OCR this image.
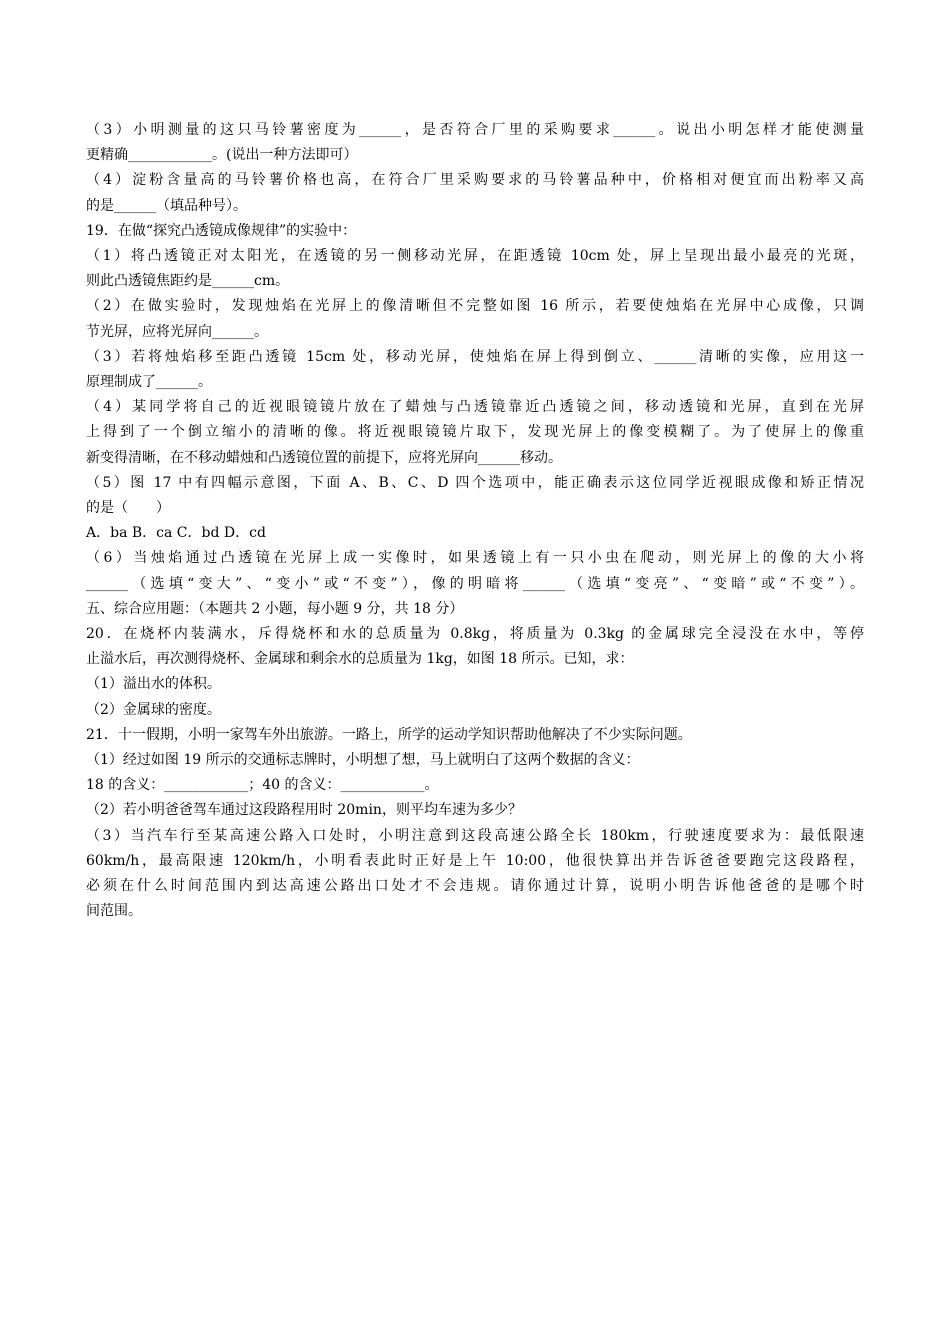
（3）小明测量的这只马铃薯密度为______，是否符合厂里的采购要求______。说出小明怎样才能使测量
更精确____________。(说出一种方法即可）
（4）淀粉含量高的马铃薯价格也高，在符合厂里采购要求的马铃薯品种中，价格相对便宜而出粉率又高
的是______（填品种号）。
19．在做“探究凸透镜成像规律”的实验中：
（1）将凸透镜正对太阳光，在透镜的另一侧移动光屏，在距透镜 10cm 处，屏上呈现出最小最亮的光斑，
则此凸透镜焦距约是______cm。
（2）在做实验时，发现烛焰在光屏上的像清晰但不完整如图 16 所示，若要使烛焰在光屏中心成像，只调
节光屏，应将光屏向______。
（3）若将烛焰移至距凸透镜 15cm 处，移动光屏，使烛焰在屏上得到倒立、______清晰的实像，应用这一
原理制成了______。
（4）某同学将自己的近视眼镜镜片放在了蜡烛与凸透镜靠近凸透镜之间，移动透镜和光屏，直到在光屏
上得到了一个倒立缩小的清晰的像。将近视眼镜镜片取下，发现光屏上的像变模糊了。为了使屏上的像重
新变得清晰，在不移动蜡烛和凸透镜位置的前提下，应将光屏向______移动。
（5）图 17 中有四幅示意图，下面 A、B、C、D 四个选项中，能正确表示这位同学近视眼成像和矫正情况
的是（　　）
A．ba B．ca C．bd D．cd
（6）当烛焰通过凸透镜在光屏上成一实像时，如果透镜上有一只小虫在爬动，则光屏上的像的大小将
______（选填“变大”、“变小”或“不变”），像的明暗将______（选填“变亮”、“变暗”或“不变”）。
五、综合应用题：（本题共 2 小题，每小题 9 分，共 18 分）
20．在烧杯内装满水，斥得烧杯和水的总质量为 0.8kg，将质量为 0.3kg 的金属球完全浸没在水中，等停
止溢水后，再次测得烧杯、金属球和剩余水的总质量为 1kg，如图 18 所示。已知，求：
（1）溢出水的体积。
（2）金属球的密度。
21．十一假期，小明一家驾车外出旅游。一路上，所学的运动学知识帮助他解决了不少实际问题。
（1）经过如图 19 所示的交通标志牌时，小明想了想，马上就明白了这两个数据的含义：
18 的含义：____________；40 的含义：____________。
（2）若小明爸爸驾车通过这段路程用时 20min，则平均车速为多少？
（3）当汽车行至某高速公路入口处时，小明注意到这段高速公路全长 180km，行驶速度要求为：最低限速
60km/h，最高限速 120km/h，小明看表此时正好是上午 10:00，他很快算出并告诉爸爸要跑完这段路程，
必须在什么时间范围内到达高速公路出口处才不会违规。请你通过计算，说明小明告诉他爸爸的是哪个时
间范围。
